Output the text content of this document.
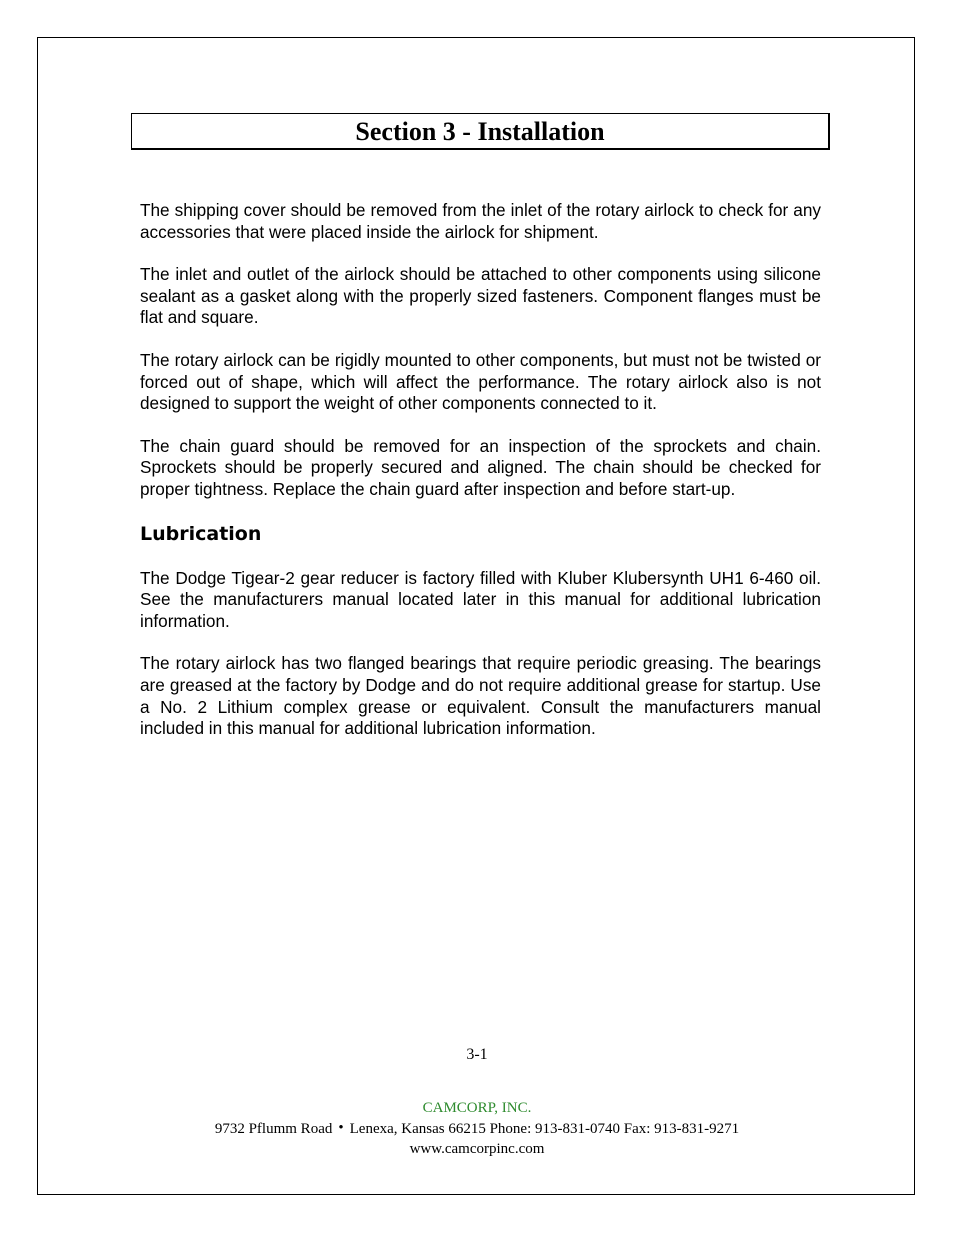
Section 3 - Installation

The shipping cover should be removed from the inlet of the rotary airlock to check for any accessories that were placed inside the airlock for shipment.

The inlet and outlet of the airlock should be attached to other components using silicone sealant as a gasket along with the properly sized fasteners. Component flanges must be flat and square.

The rotary airlock can be rigidly mounted to other components, but must not be twisted or forced out of shape, which will affect the performance. The rotary airlock also is not designed to support the weight of other components connected to it.

The chain guard should be removed for an inspection of the sprockets and chain. Sprockets should be properly secured and aligned. The chain should be checked for proper tightness. Replace the chain guard after inspection and before start-up.

Lubrication

The Dodge Tigear-2 gear reducer is factory filled with Kluber Klubersynth UH1 6-460 oil. See the manufacturers manual located later in this manual for additional lubrication information.

The rotary airlock has two flanged bearings that require periodic greasing. The bearings are greased at the factory by Dodge and do not require additional grease for startup. Use a No. 2 Lithium complex grease or equivalent. Consult the manufacturers manual included in this manual for additional lubrication information.

3-1
CAMCORP, INC.
9732 Pflumm Road • Lenexa, Kansas 66215 Phone: 913-831-0740 Fax: 913-831-9271
www.camcorpinc.com
